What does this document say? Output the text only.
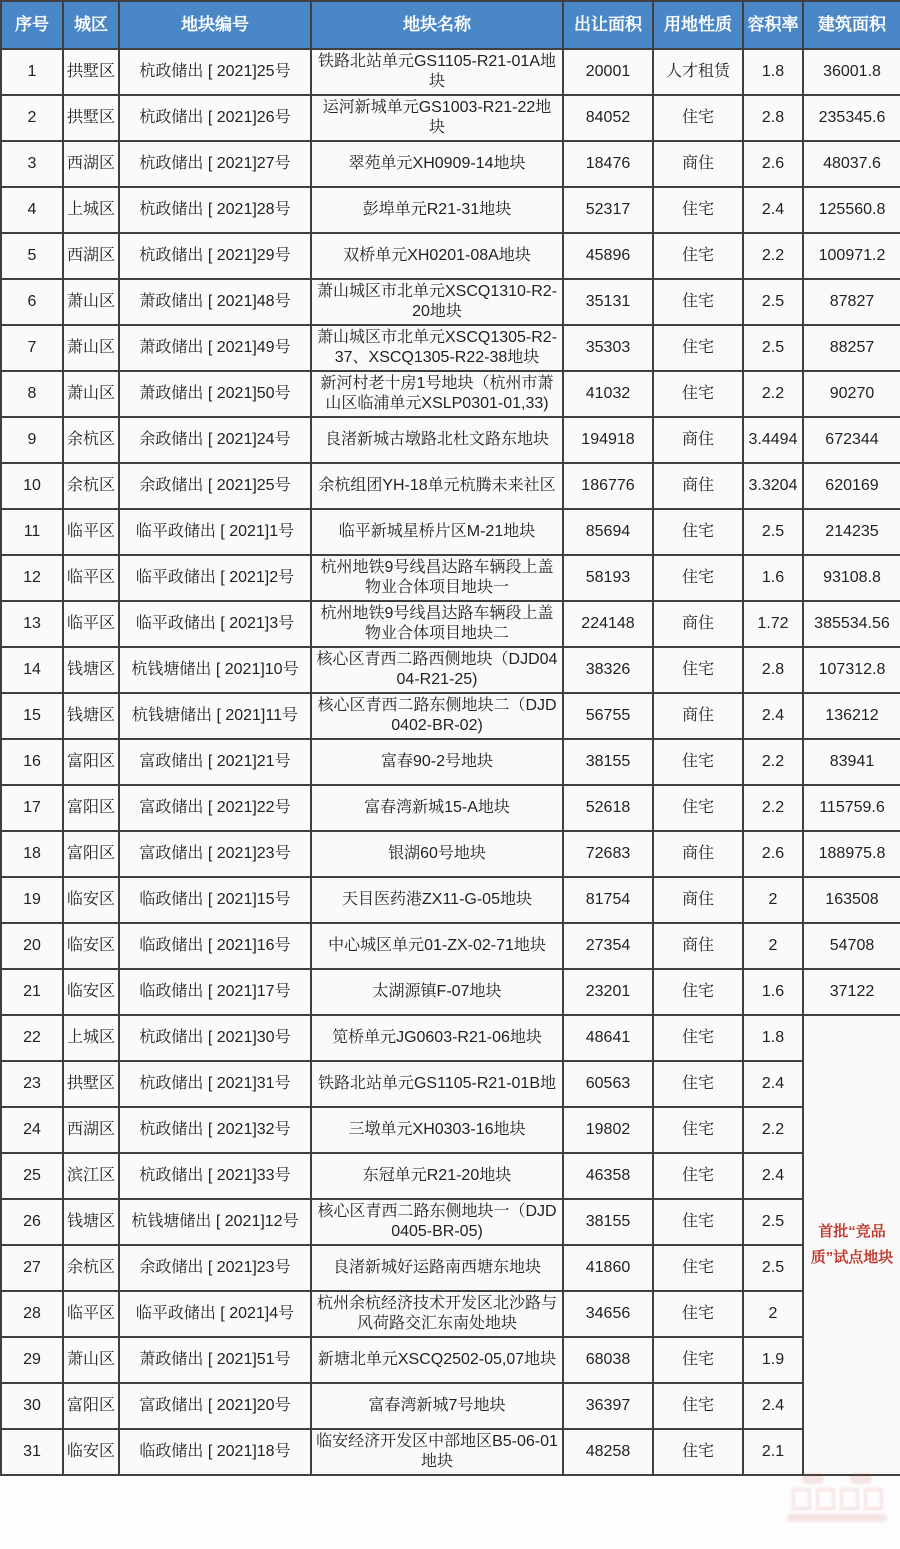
序号	城区	地块编号	地块名称	出让面积	用地性质	容积率	建筑面积
1	拱墅区	杭政储出 [ 2021]25号	铁路北站单元GS1105-R21-01A地块	20001	人才租赁	1.8	36001.8
2	拱墅区	杭政储出 [ 2021]26号	运河新城单元GS1003-R21-22地块	84052	住宅	2.8	235345.6
3	西湖区	杭政储出 [ 2021]27号	翠苑单元XH0909-14地块	18476	商住	2.6	48037.6
4	上城区	杭政储出 [ 2021]28号	彭埠单元R21-31地块	52317	住宅	2.4	125560.8
5	西湖区	杭政储出 [ 2021]29号	双桥单元XH0201-08A地块	45896	住宅	2.2	100971.2
6	萧山区	萧政储出 [ 2021]48号	萧山城区市北单元XSCQ1310-R2-20地块	35131	住宅	2.5	87827
7	萧山区	萧政储出 [ 2021]49号	萧山城区市北单元XSCQ1305-R2-37、XSCQ1305-R22-38地块	35303	住宅	2.5	88257
8	萧山区	萧政储出 [ 2021]50号	新河村老十房1号地块（杭州市萧山区临浦单元XSLP0301-01,33)	41032	住宅	2.2	90270
9	余杭区	余政储出 [ 2021]24号	良渚新城古墩路北杜文路东地块	194918	商住	3.4494	672344
10	余杭区	余政储出 [ 2021]25号	余杭组团YH-18单元杭腾未来社区	186776	商住	3.3204	620169
11	临平区	临平政储出 [ 2021]1号	临平新城星桥片区M-21地块	85694	住宅	2.5	214235
12	临平区	临平政储出 [ 2021]2号	杭州地铁9号线昌达路车辆段上盖物业合体项目地块一	58193	住宅	1.6	93108.8
13	临平区	临平政储出 [ 2021]3号	杭州地铁9号线昌达路车辆段上盖物业合体项目地块二	224148	商住	1.72	385534.56
14	钱塘区	杭钱塘储出 [ 2021]10号	核心区青西二路西侧地块（DJD0404-R21-25)	38326	住宅	2.8	107312.8
15	钱塘区	杭钱塘储出 [ 2021]11号	核心区青西二路东侧地块二（DJD0402-BR-02)	56755	商住	2.4	136212
16	富阳区	富政储出 [ 2021]21号	富春90-2号地块	38155	住宅	2.2	83941
17	富阳区	富政储出 [ 2021]22号	富春湾新城15-A地块	52618	住宅	2.2	115759.6
18	富阳区	富政储出 [ 2021]23号	银湖60号地块	72683	商住	2.6	188975.8
19	临安区	临政储出 [ 2021]15号	天目医药港ZX11-G-05地块	81754	商住	2	163508
20	临安区	临政储出 [ 2021]16号	中心城区单元01-ZX-02-71地块	27354	商住	2	54708
21	临安区	临政储出 [ 2021]17号	太湖源镇F-07地块	23201	住宅	1.6	37122
22	上城区	杭政储出 [ 2021]30号	笕桥单元JG0603-R21-06地块	48641	住宅	1.8	首批“竞品质”试点地块
23	拱墅区	杭政储出 [ 2021]31号	铁路北站单元GS1105-R21-01B地	60563	住宅	2.4	
24	西湖区	杭政储出 [ 2021]32号	三墩单元XH0303-16地块	19802	住宅	2.2	
25	滨江区	杭政储出 [ 2021]33号	东冠单元R21-20地块	46358	住宅	2.4	
26	钱塘区	杭钱塘储出 [ 2021]12号	核心区青西二路东侧地块一（DJD0405-BR-05)	38155	住宅	2.5	
27	余杭区	余政储出 [ 2021]23号	良渚新城好运路南西塘东地块	41860	住宅	2.5	
28	临平区	临平政储出 [ 2021]4号	杭州余杭经济技术开发区北沙路与风荷路交汇东南处地块	34656	住宅	2	
29	萧山区	萧政储出 [ 2021]51号	新塘北单元XSCQ2502-05,07地块	68038	住宅	1.9	
30	富阳区	富政储出 [ 2021]20号	富春湾新城7号地块	36397	住宅	2.4	
31	临安区	临政储出 [ 2021]18号	临安经济开发区中部地区B5-06-01地块	48258	住宅	2.1	
